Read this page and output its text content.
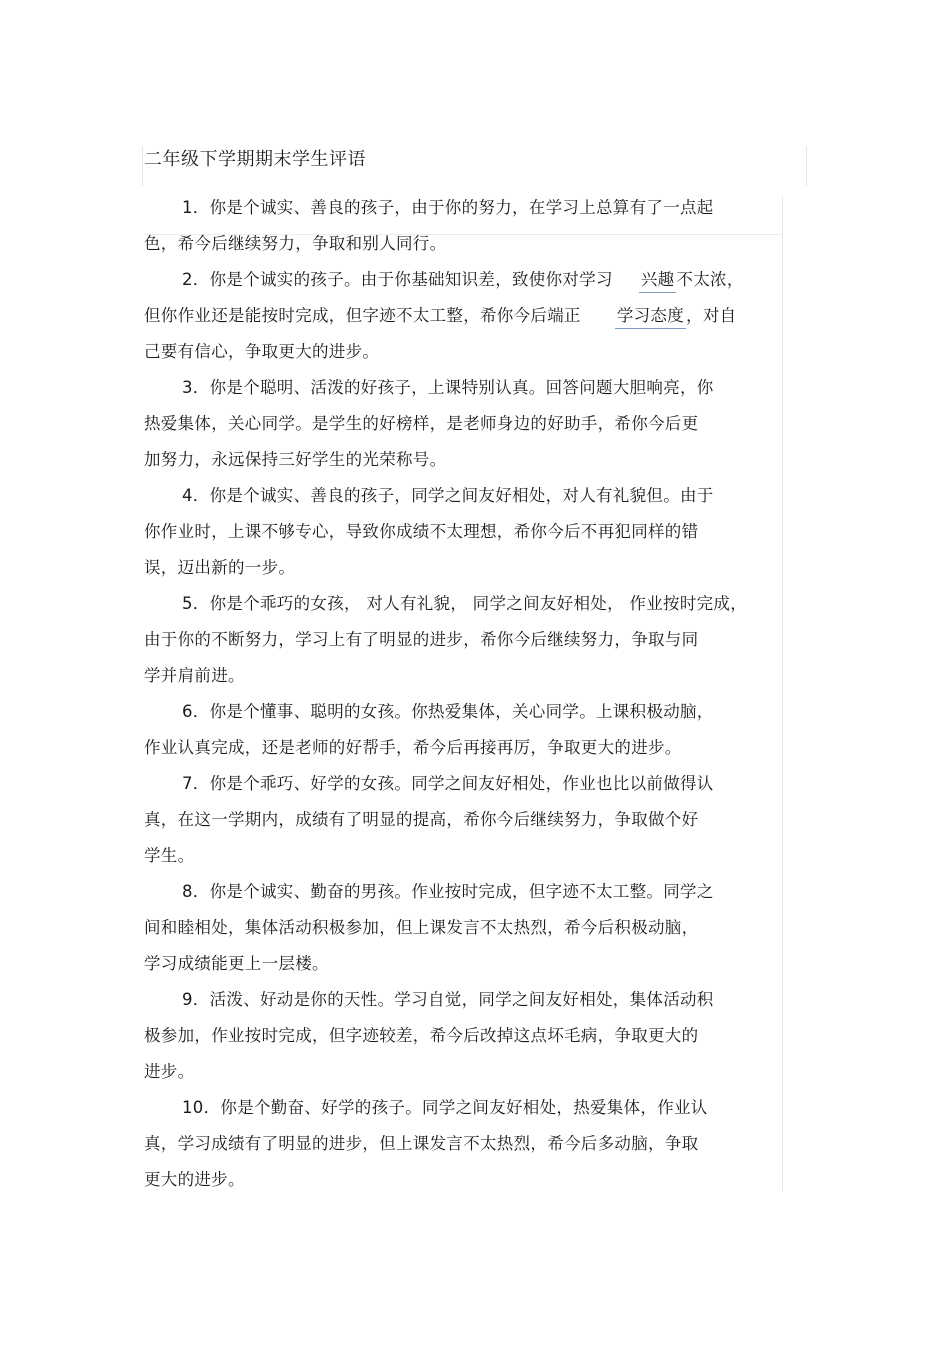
二年级下学期期末学生评语
1．你是个诚实、善良的孩子，由于你的努力，在学习上总算有了一点起
色，希今后继续努力，争取和别人同行。
2．你是个诚实的孩子。由于你基础知识差，致使你对学习 兴趣 不太浓，
但你作业还是能按时完成，但字迹不太工整，希你今后端正 学习态度 ，对自
己要有信心，争取更大的进步。
3．你是个聪明、活泼的好孩子，上课特别认真。回答问题大胆响亮，你
热爱集体，关心同学。是学生的好榜样，是老师身边的好助手，希你今后更
加努力，永远保持三好学生的光荣称号。
4．你是个诚实、善良的孩子，同学之间友好相处，对人有礼貌但。由于
你作业时，上课不够专心，导致你成绩不太理想，希你今后不再犯同样的错
误，迈出新的一步。
5．你是个乖巧的女孩， 对人有礼貌， 同学之间友好相处， 作业按时完成，
由于你的不断努力，学习上有了明显的进步，希你今后继续努力，争取与同
学并肩前进。
6．你是个懂事、聪明的女孩。你热爱集体，关心同学。上课积极动脑，
作业认真完成，还是老师的好帮手，希今后再接再厉，争取更大的进步。
7．你是个乖巧、好学的女孩。同学之间友好相处，作业也比以前做得认
真，在这一学期内，成绩有了明显的提高，希你今后继续努力，争取做个好
学生。
8．你是个诚实、勤奋的男孩。作业按时完成，但字迹不太工整。同学之
间和睦相处，集体活动积极参加，但上课发言不太热烈，希今后积极动脑，
学习成绩能更上一层楼。
9．活泼、好动是你的天性。学习自觉，同学之间友好相处，集体活动积
极参加，作业按时完成，但字迹较差，希今后改掉这点坏毛病，争取更大的
进步。
10．你是个勤奋、好学的孩子。同学之间友好相处，热爱集体，作业认
真，学习成绩有了明显的进步，但上课发言不太热烈，希今后多动脑，争取
更大的进步。
